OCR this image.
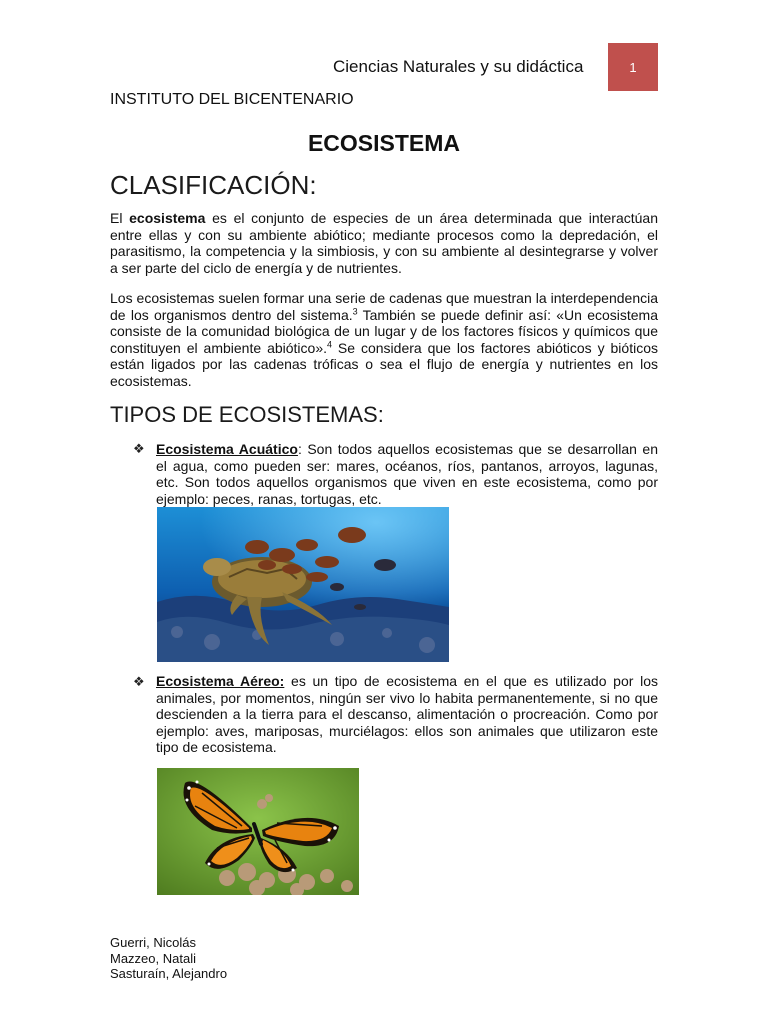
Ciencias Naturales y su didáctica	1
INSTITUTO DEL BICENTENARIO
ECOSISTEMA
CLASIFICACIÓN:
El ecosistema es el conjunto de especies de un área determinada que interactúan entre ellas y con su ambiente abiótico; mediante procesos como la depredación, el parasitismo, la competencia y la simbiosis, y con su ambiente al desintegrarse y volver a ser parte del ciclo de energía y de nutrientes.
Los ecosistemas suelen formar una serie de cadenas que muestran la interdependencia de los organismos dentro del sistema.$^3$ También se puede definir así: «Un ecosistema consiste de la comunidad biológica de un lugar y de los factores físicos y químicos que constituyen el ambiente abiótico».$^4$ Se considera que los factores abióticos y bióticos están ligados por las cadenas tróficas o sea el flujo de energía y nutrientes en los ecosistemas.
TIPOS DE ECOSISTEMAS:
❖ Ecosistema Acuático: Son todos aquellos ecosistemas que se desarrollan en el agua, como pueden ser: mares, océanos, ríos, pantanos, arroyos, lagunas, etc. Son todos aquellos organismos que viven en este ecosistema, como por ejemplo: peces, ranas, tortugas, etc.
❖ Ecosistema Aéreo: es un tipo de ecosistema en el que es utilizado por los animales, por momentos, ningún ser vivo lo habita permanentemente, si no que descienden a la tierra para el descanso, alimentación o procreación. Como por ejemplo: aves, mariposas, murciélagos: ellos son animales que utilizaron este tipo de ecosistema.
Guerri, Nicolás
Mazzeo, Natali
Sasturaín, Alejandro
